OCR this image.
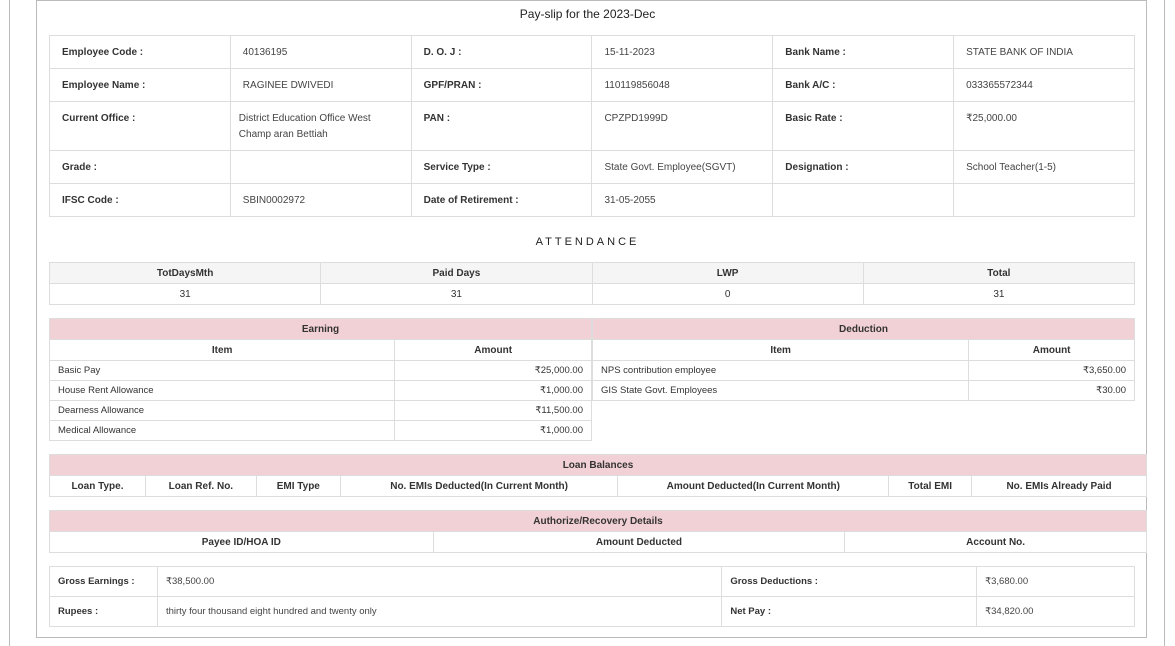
Pay-slip for the 2023-Dec
Employee Code :	40136195	D. O. J :	15-11-2023	Bank Name :	STATE BANK OF INDIA
Employee Name :	RAGINEE DWIVEDI	GPF/PRAN :	110119856048	Bank A/C :	033365572344
Current Office :	District Education Office West Champ aran Bettiah	PAN :	CPZPD1999D	Basic Rate :	₹25,000.00
Grade :		Service Type :	State Govt. Employee(SGVT)	Designation :	School Teacher(1-5)
IFSC Code :	SBIN0002972	Date of Retirement :	31-05-2055		
ATTENDANCE
TotDaysMth	Paid Days	LWP	Total
31	31	0	31
Earning	
Item	Amount
Basic Pay	₹25,000.00
House Rent Allowance	₹1,000.00
Dearness Allowance	₹11,500.00
Medical Allowance	₹1,000.00
Deduction	
Item	Amount
NPS contribution employee	₹3,650.00
GIS State Govt. Employees	₹30.00
Loan Balances
Loan Type.	Loan Ref. No.	EMI Type	No. EMIs Deducted(In Current Month)	Amount Deducted(In Current Month)	Total EMI	No. EMIs Already Paid
Authorize/Recovery Details
Payee ID/HOA ID	Amount Deducted	Account No.
Gross Earnings :	₹38,500.00	Gross Deductions :	₹3,680.00
Rupees :	thirty four thousand eight hundred and twenty only	Net Pay :	₹34,820.00
